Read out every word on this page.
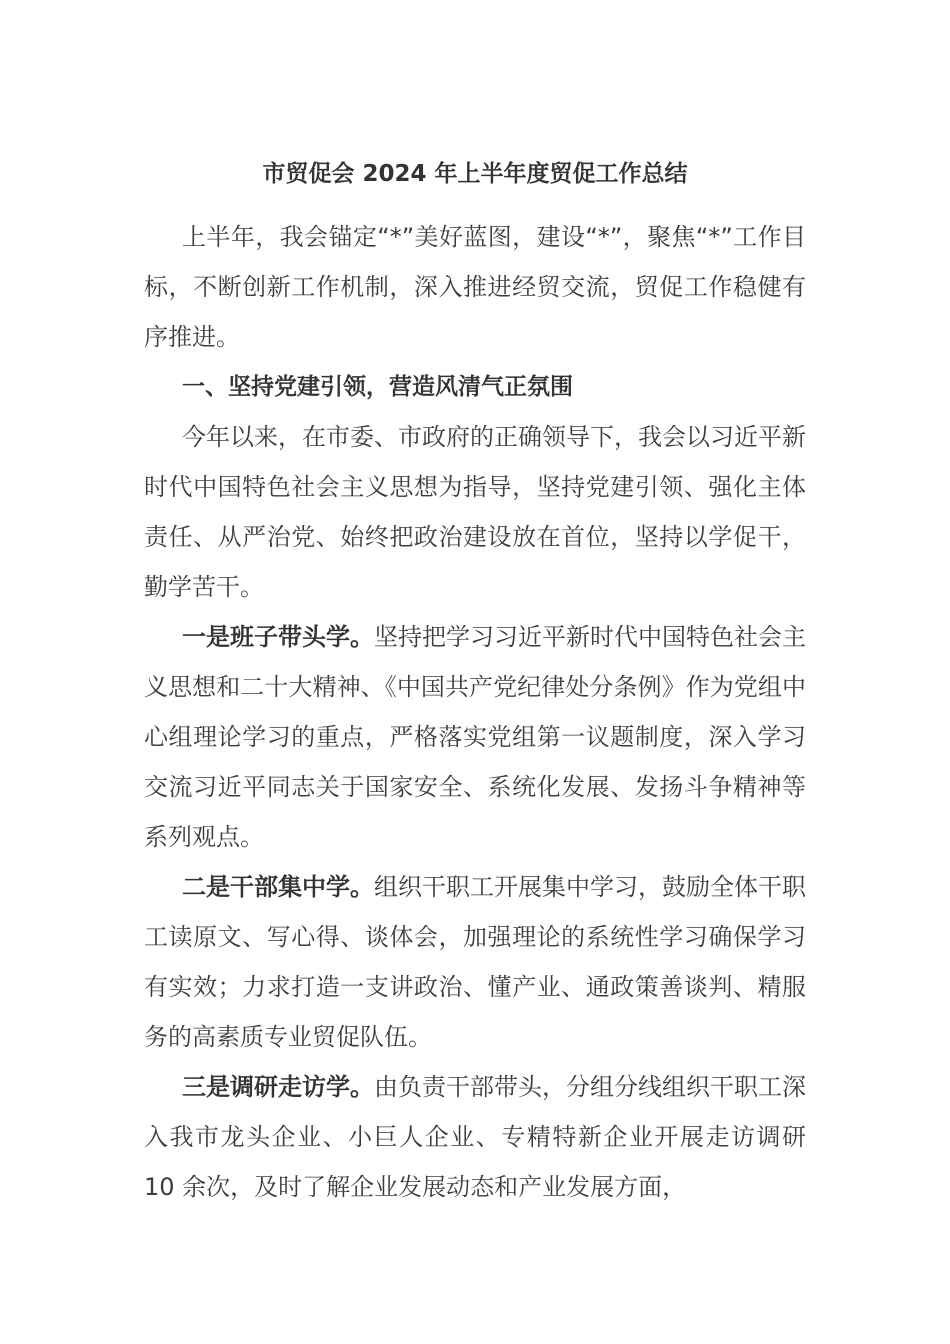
市贸促会 2024 年上半年度贸促工作总结

上半年，我会锚定“*”美好蓝图，建设“*”，聚焦“*”工作目标，不断创新工作机制，深入推进经贸交流，贸促工作稳健有序推进。

一、坚持党建引领，营造风清气正氛围

今年以来，在市委、市政府的正确领导下，我会以习近平新时代中国特色社会主义思想为指导，坚持党建引领、强化主体责任、从严治党、始终把政治建设放在首位，坚持以学促干，勤学苦干。

一是班子带头学。坚持把学习习近平新时代中国特色社会主义思想和二十大精神、《中国共产党纪律处分条例》作为党组中心组理论学习的重点，严格落实党组第一议题制度，深入学习交流习近平同志关于国家安全、系统化发展、发扬斗争精神等系列观点。

二是干部集中学。组织干职工开展集中学习，鼓励全体干职工读原文、写心得、谈体会，加强理论的系统性学习确保学习有实效；力求打造一支讲政治、懂产业、通政策善谈判、精服务的高素质专业贸促队伍。

三是调研走访学。由负责干部带头，分组分线组织干职工深入我市龙头企业、小巨人企业、专精特新企业开展走访调研 10 余次，及时了解企业发展动态和产业发展方面，
